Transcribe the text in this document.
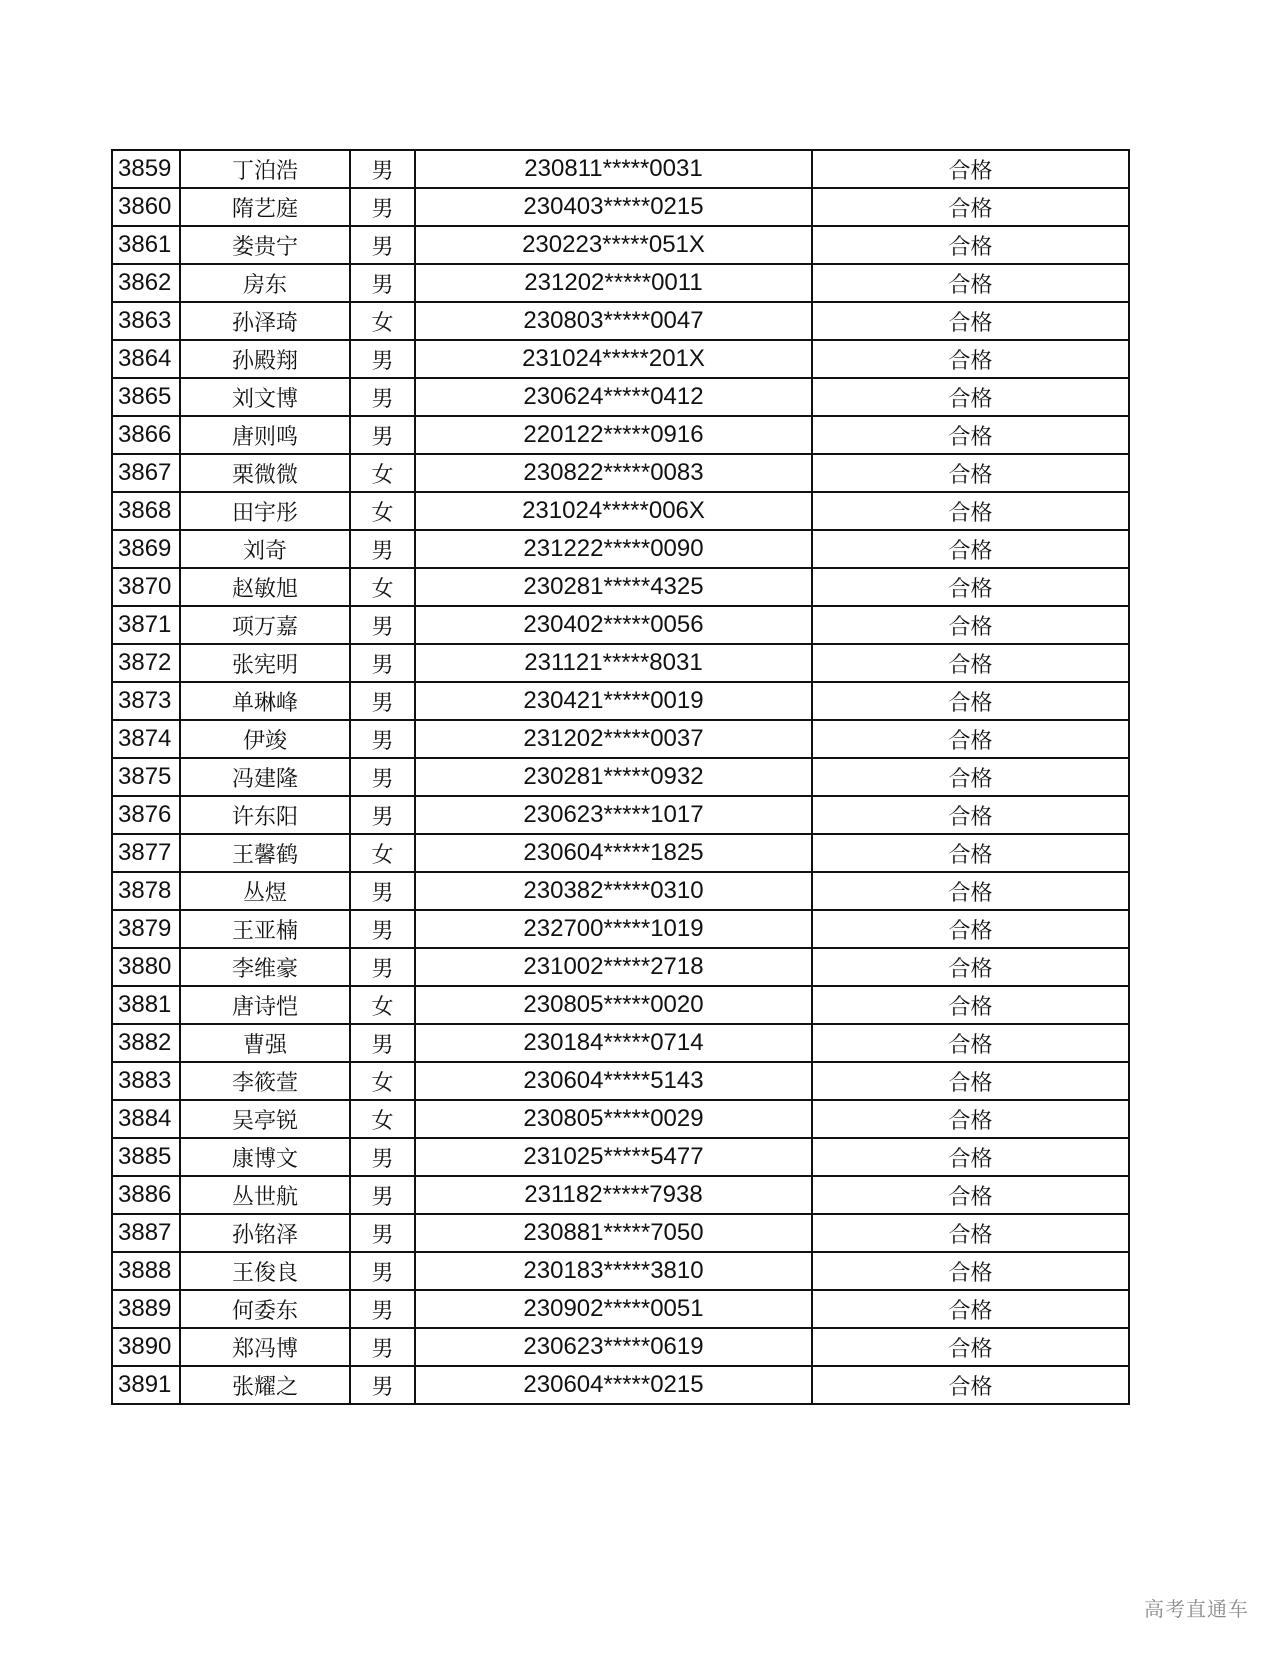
3859	丁泊浩	男	230811*****0031	合格
3860	隋艺庭	男	230403*****0215	合格
3861	娄贵宁	男	230223*****051X	合格
3862	房东	男	231202*****0011	合格
3863	孙泽琦	女	230803*****0047	合格
3864	孙殿翔	男	231024*****201X	合格
3865	刘文博	男	230624*****0412	合格
3866	唐则鸣	男	220122*****0916	合格
3867	栗微微	女	230822*****0083	合格
3868	田宇彤	女	231024*****006X	合格
3869	刘奇	男	231222*****0090	合格
3870	赵敏旭	女	230281*****4325	合格
3871	项万嘉	男	230402*****0056	合格
3872	张宪明	男	231121*****8031	合格
3873	单琳峰	男	230421*****0019	合格
3874	伊竣	男	231202*****0037	合格
3875	冯建隆	男	230281*****0932	合格
3876	许东阳	男	230623*****1017	合格
3877	王馨鹤	女	230604*****1825	合格
3878	丛煜	男	230382*****0310	合格
3879	王亚楠	男	232700*****1019	合格
3880	李维豪	男	231002*****2718	合格
3881	唐诗恺	女	230805*****0020	合格
3882	曹强	男	230184*****0714	合格
3883	李筱萱	女	230604*****5143	合格
3884	吴亭锐	女	230805*****0029	合格
3885	康博文	男	231025*****5477	合格
3886	丛世航	男	231182*****7938	合格
3887	孙铭泽	男	230881*****7050	合格
3888	王俊良	男	230183*****3810	合格
3889	何委东	男	230902*****0051	合格
3890	郑冯博	男	230623*****0619	合格
3891	张耀之	男	230604*****0215	合格
高考直通车
